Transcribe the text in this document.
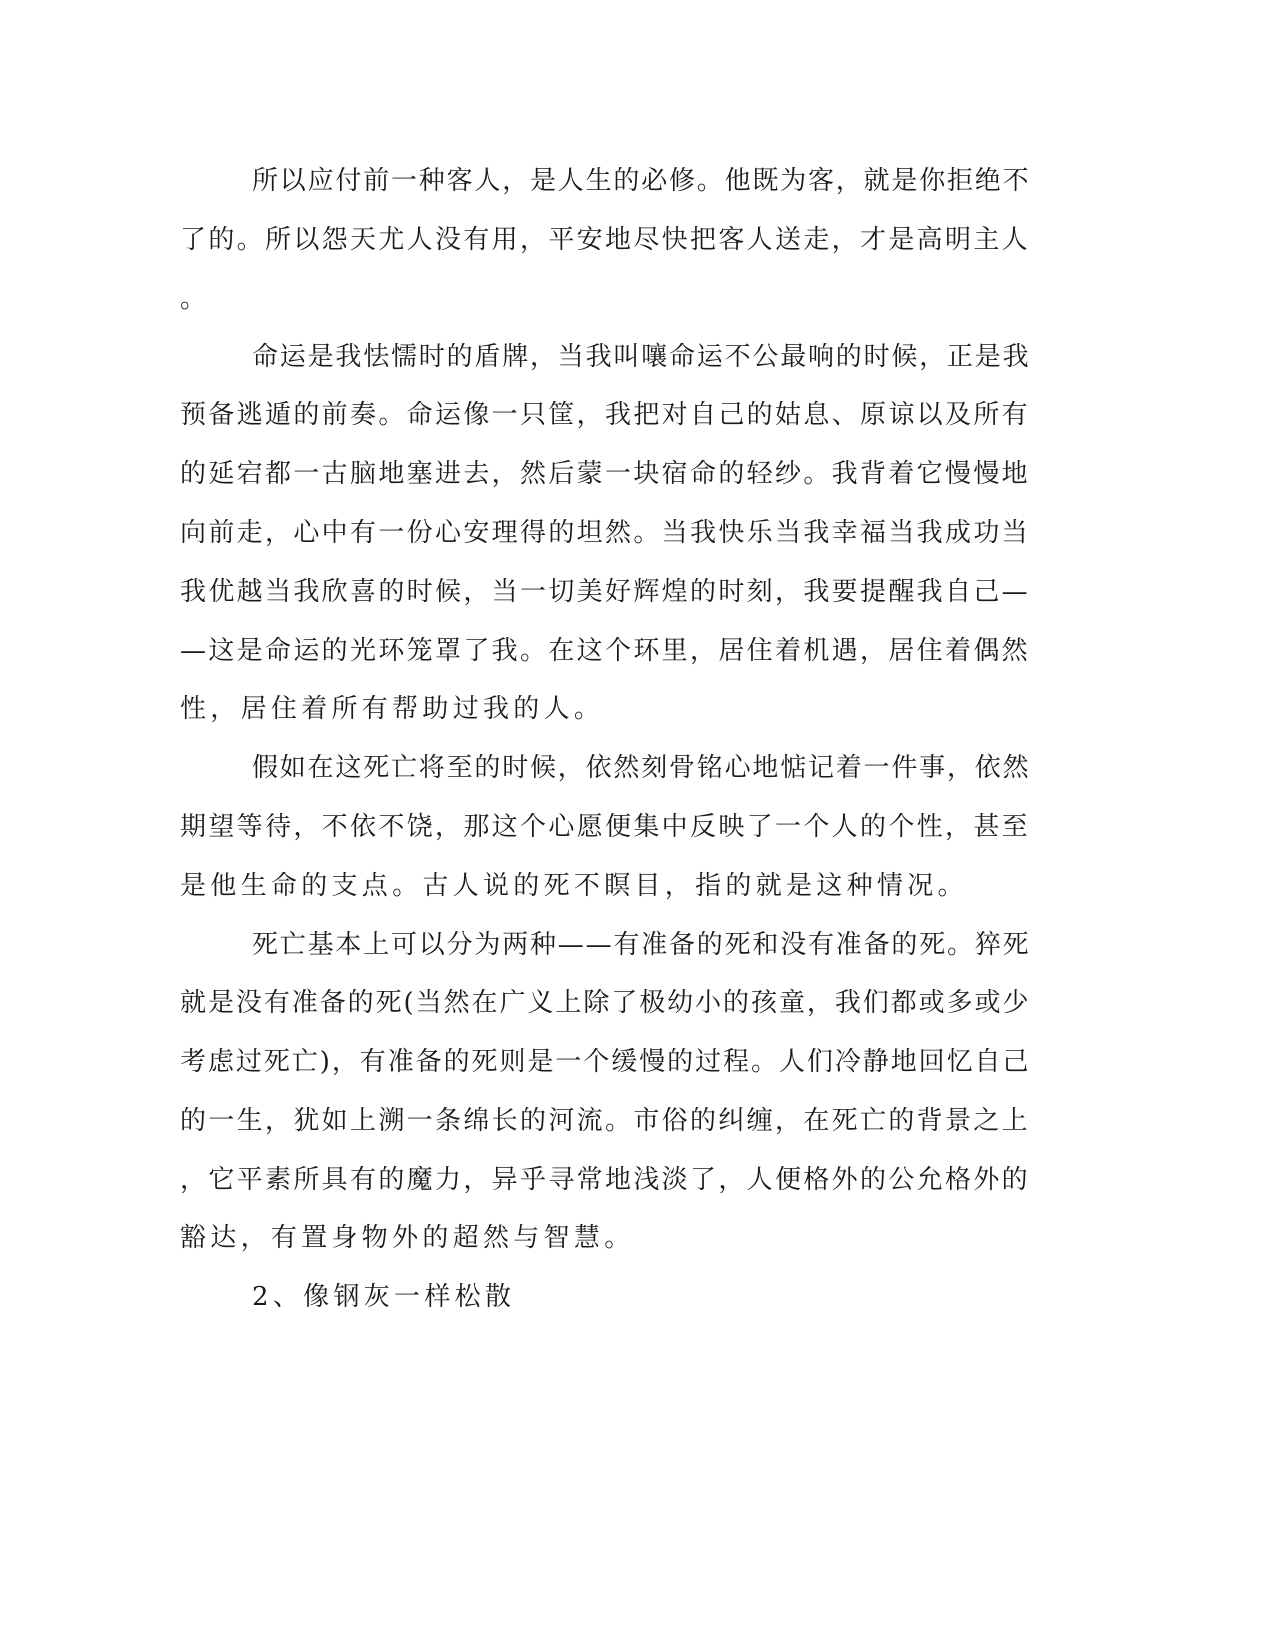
所以应付前一种客人，是人生的必修。他既为客，就是你拒绝不

了的。所以怨天尤人没有用，平安地尽快把客人送走，才是高明主人

。

命运是我怯懦时的盾牌，当我叫嚷命运不公最响的时候，正是我

预备逃遁的前奏。命运像一只筐，我把对自己的姑息、原谅以及所有

的延宕都一古脑地塞进去，然后蒙一块宿命的轻纱。我背着它慢慢地

向前走，心中有一份心安理得的坦然。当我快乐当我幸福当我成功当

我优越当我欣喜的时候，当一切美好辉煌的时刻，我要提醒我自己—

—这是命运的光环笼罩了我。在这个环里，居住着机遇，居住着偶然

性，居住着所有帮助过我的人。

假如在这死亡将至的时候，依然刻骨铭心地惦记着一件事，依然

期望等待，不依不饶，那这个心愿便集中反映了一个人的个性，甚至

是他生命的支点。古人说的死不瞑目，指的就是这种情况。

死亡基本上可以分为两种——有准备的死和没有准备的死。猝死

就是没有准备的死(当然在广义上除了极幼小的孩童，我们都或多或少

考虑过死亡)，有准备的死则是一个缓慢的过程。人们冷静地回忆自己

的一生，犹如上溯一条绵长的河流。市俗的纠缠，在死亡的背景之上

，它平素所具有的魔力，异乎寻常地浅淡了，人便格外的公允格外的

豁达，有置身物外的超然与智慧。

2、像钢灰一样松散
